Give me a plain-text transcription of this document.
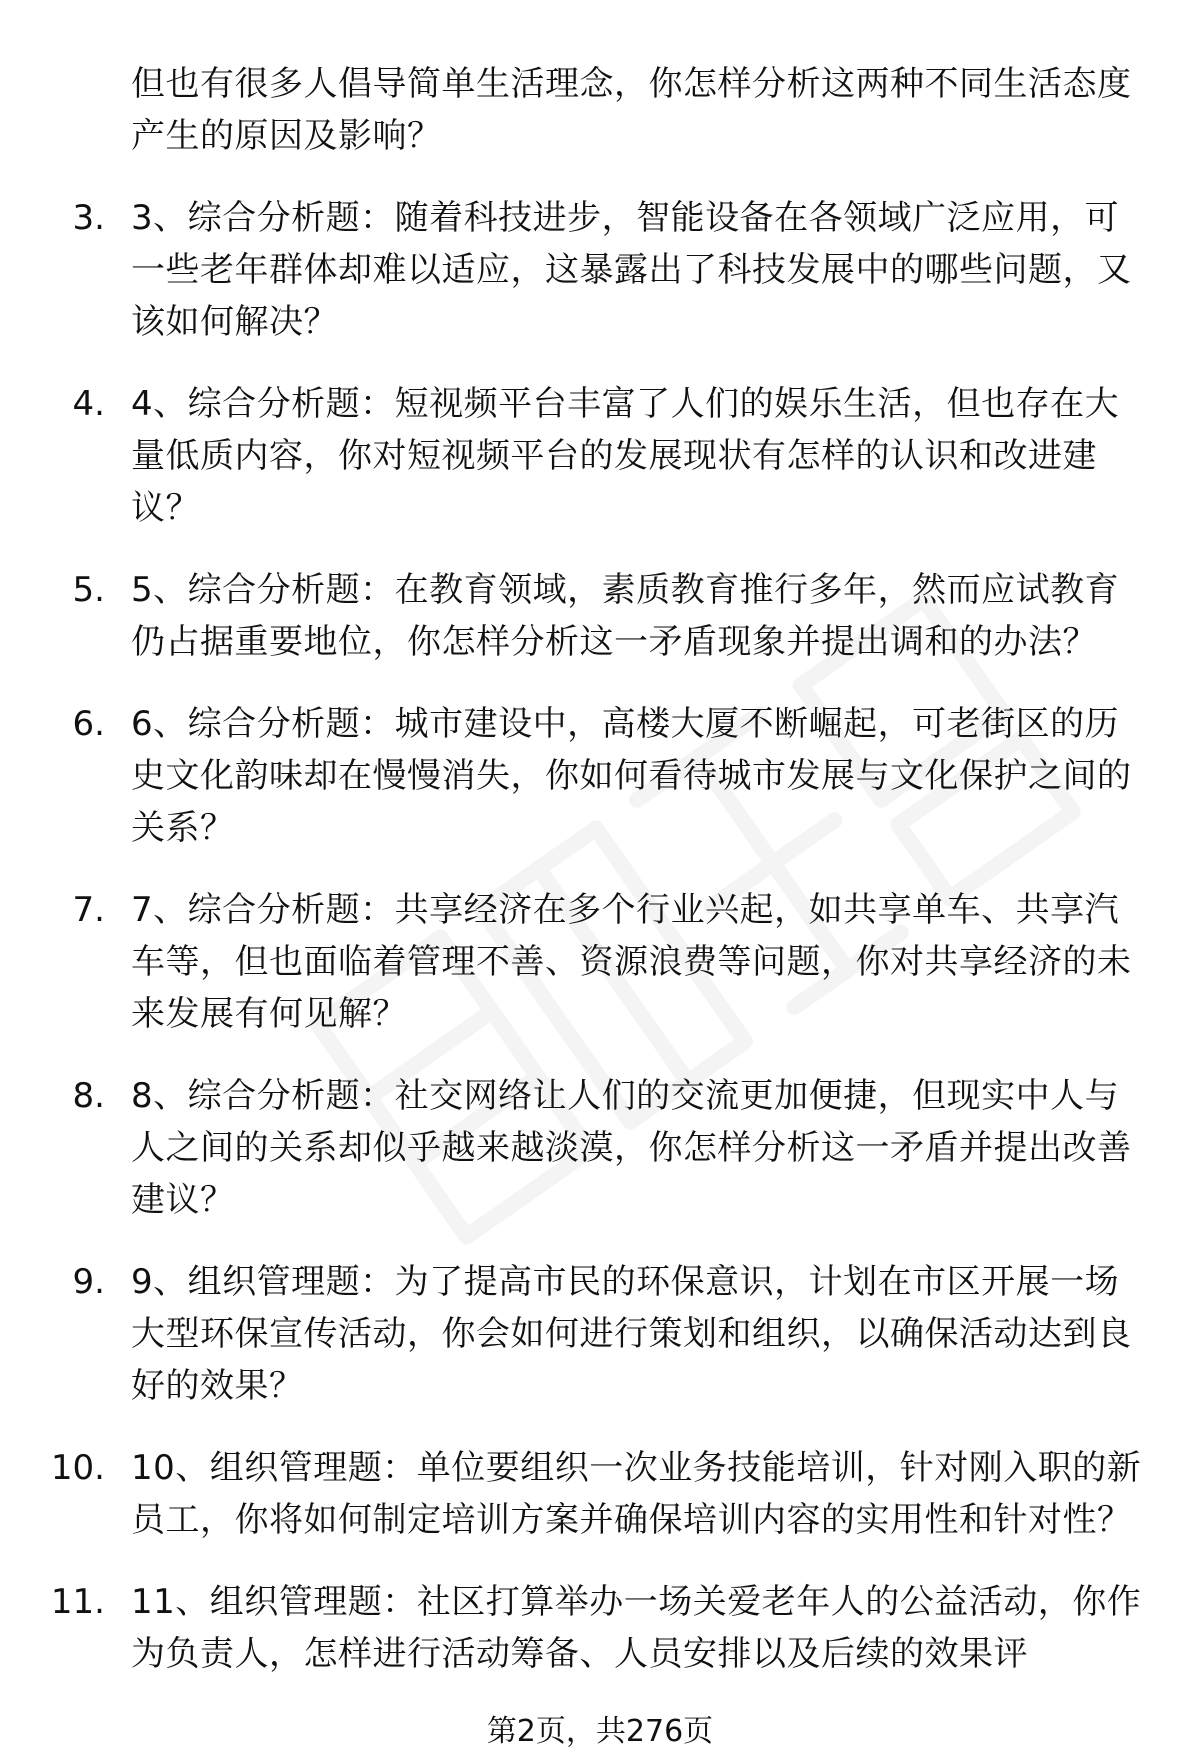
但也有很多人倡导简单生活理念，你怎样分析这两种不同生活态度产生的原因及影响？
3. 3、综合分析题：随着科技进步，智能设备在各领域广泛应用，可一些老年群体却难以适应，这暴露出了科技发展中的哪些问题，又该如何解决？
4. 4、综合分析题：短视频平台丰富了人们的娱乐生活，但也存在大量低质内容，你对短视频平台的发展现状有怎样的认识和改进建议？
5. 5、综合分析题：在教育领域，素质教育推行多年，然而应试教育仍占据重要地位，你怎样分析这一矛盾现象并提出调和的办法？
6. 6、综合分析题：城市建设中，高楼大厦不断崛起，可老街区的历史文化韵味却在慢慢消失，你如何看待城市发展与文化保护之间的关系？
7. 7、综合分析题：共享经济在多个行业兴起，如共享单车、共享汽车等，但也面临着管理不善、资源浪费等问题，你对共享经济的未来发展有何见解？
8. 8、综合分析题：社交网络让人们的交流更加便捷，但现实中人与人之间的关系却似乎越来越淡漠，你怎样分析这一矛盾并提出改善建议？
9. 9、组织管理题：为了提高市民的环保意识，计划在市区开展一场大型环保宣传活动，你会如何进行策划和组织，以确保活动达到良好的效果？
10. 10、组织管理题：单位要组织一次业务技能培训，针对刚入职的新员工，你将如何制定培训方案并确保培训内容的实用性和针对性？
11. 11、组织管理题：社区打算举办一场关爱老年人的公益活动，你作为负责人，怎样进行活动筹备、人员安排以及后续的效果评
第2页，共276页
